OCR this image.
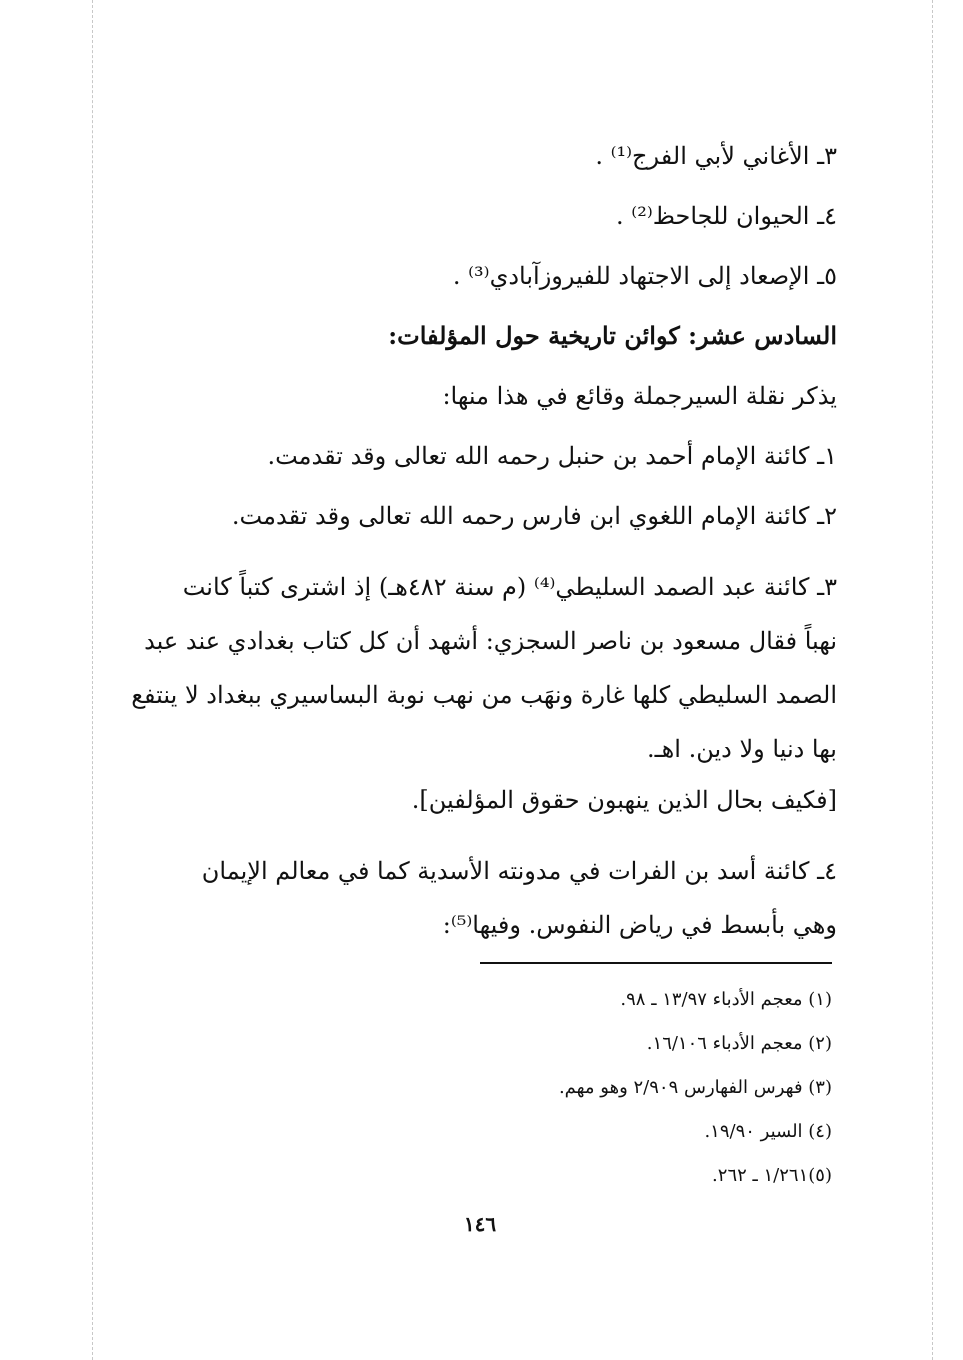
٣ـ الأغاني لأبي الفرج⁽¹⁾ .
٤ـ الحيوان للجاحظ⁽²⁾ .
٥ـ الإصعاد إلى الاجتهاد للفيروزآبادي⁽³⁾ .
السادس عشر: كوائن تاريخية حول المؤلفات:
يذكر نقلة السيرجملة وقائع في هذا منها:
١ـ كائنة الإمام أحمد بن حنبل رحمه الله تعالى وقد تقدمت.
٢ـ كائنة الإمام اللغوي ابن فارس رحمه الله تعالى وقد تقدمت.

٣ـ كائنة عبد الصمد السليطي⁽⁴⁾ (م سنة ٤٨٢هـ) إذ اشترى كتباً كانت

نهباً فقال مسعود بن ناصر السجزي: أشهد أن كل كتاب بغدادي عند عبد

الصمد السليطي كلها غارة ونهَب من نهب نوبة البساسيري ببغداد لا ينتفع

بها دنيا ولا دين. اهـ.

[فكيف بحال الذين ينهبون حقوق المؤلفين].

٤ـ كائنة أسد بن الفرات في مدونته الأسدية كما في معالم الإيمان

وهي بأبسط في رياض النفوس. وفيها⁽⁵⁾:

(١) معجم الأدباء ١٣/٩٧ ـ ٩٨.
(٢) معجم الأدباء ١٦/١٠٦.
(٣) فهرس الفهارس ٢/٩٠٩ وهو مهم.
(٤) السير ١٩/٩٠.
(٥)١/٢٦١ ـ ٢٦٢.
١٤٦
